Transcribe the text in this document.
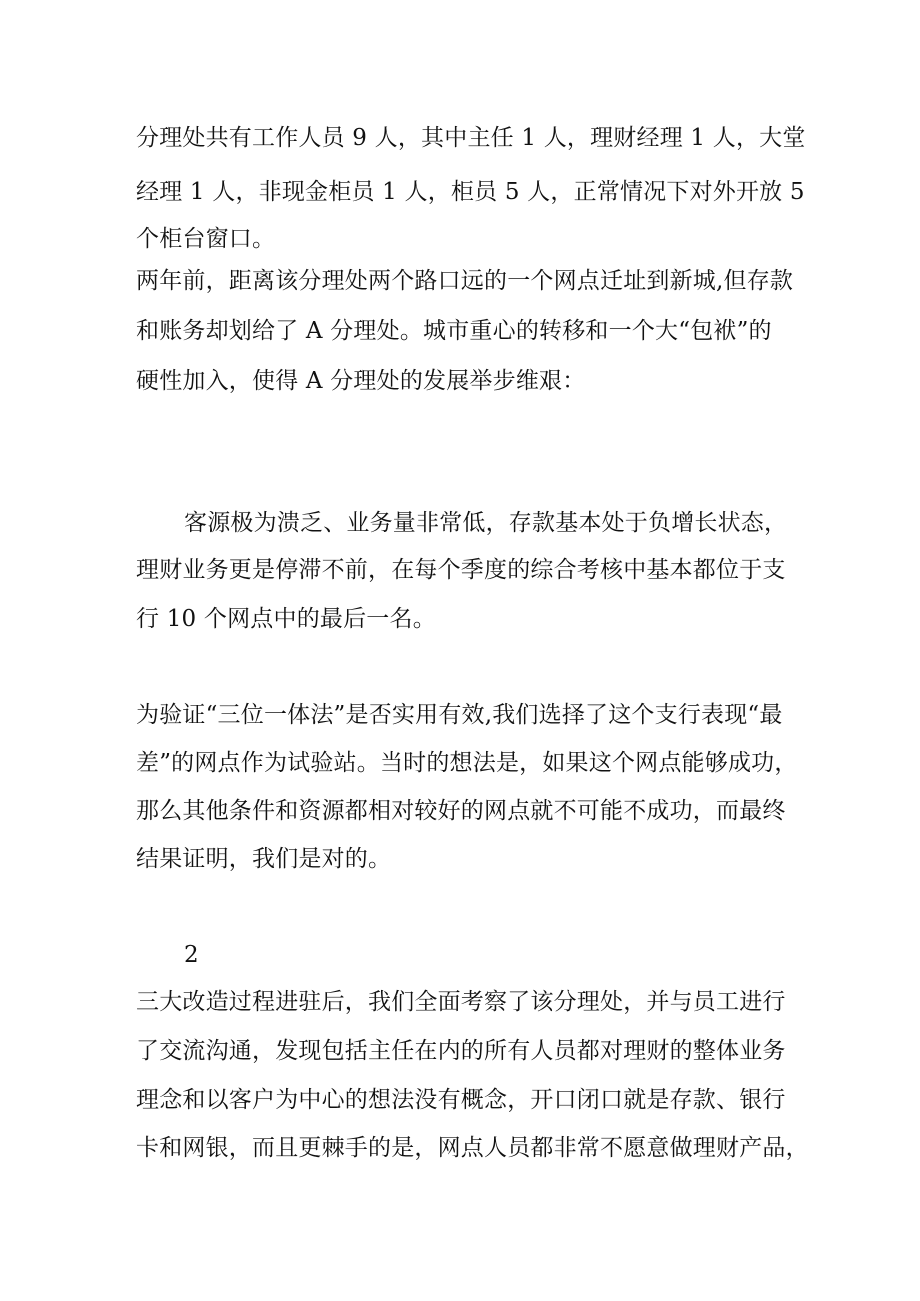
分理处共有工作人员 9 人，其中主任 1 人，理财经理 1 人，大堂
经理 1 人，非现金柜员 1 人，柜员 5 人，正常情况下对外开放 5
个柜台窗口。
两年前，距离该分理处两个路口远的一个网点迁址到新城,但存款
和账务却划给了 A 分理处。城市重心的转移和一个大“包袱”的
硬性加入，使得 A 分理处的发展举步维艰：
客源极为溃乏、业务量非常低，存款基本处于负增长状态，
理财业务更是停滞不前，在每个季度的综合考核中基本都位于支
行 10 个网点中的最后一名。
为验证“三位一体法”是否实用有效,我们选择了这个支行表现“最
差”的网点作为试验站。当时的想法是，如果这个网点能够成功，
那么其他条件和资源都相对较好的网点就不可能不成功，而最终
结果证明，我们是对的。
2
三大改造过程进驻后，我们全面考察了该分理处，并与员工进行
了交流沟通，发现包括主任在内的所有人员都对理财的整体业务
理念和以客户为中心的想法没有概念，开口闭口就是存款、银行
卡和网银，而且更棘手的是，网点人员都非常不愿意做理财产品，
